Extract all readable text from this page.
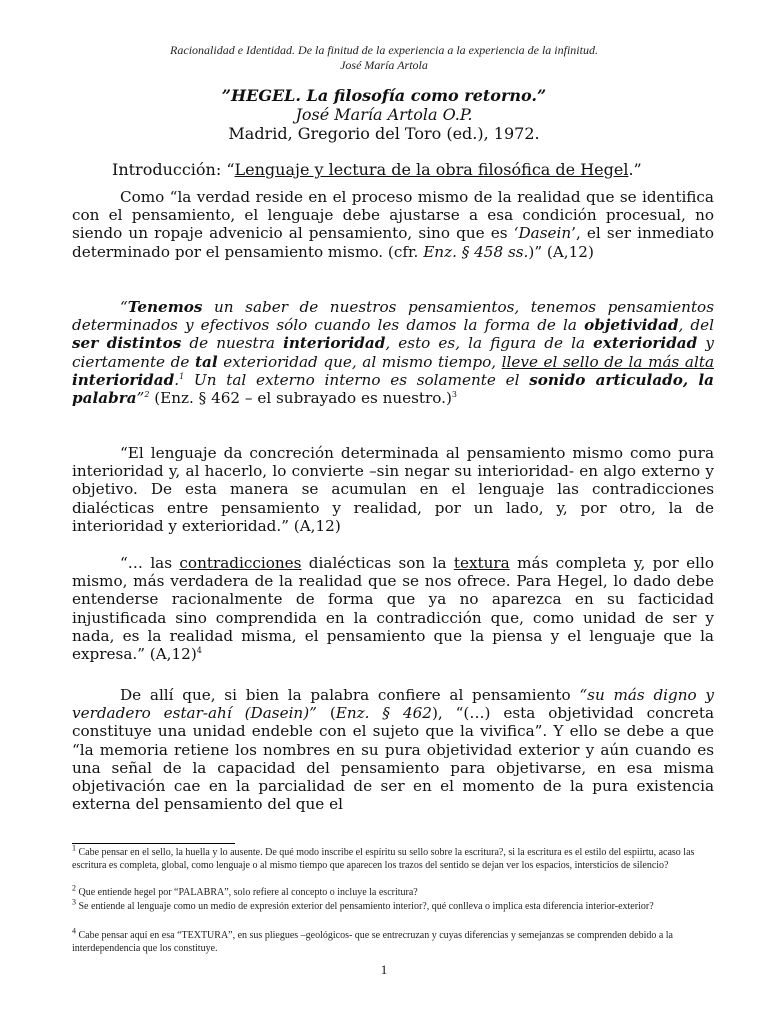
Racionalidad e Identidad. De la finitud de la experiencia a la experiencia de la infinitud.
José María Artola
”HEGEL. La filosofía como retorno.”
José María Artola O.P.
Madrid, Gregorio del Toro (ed.), 1972.
Introducción: “Lenguaje y lectura de la obra filosófica de Hegel.”

Como “la verdad reside en el proceso mismo de la realidad que se identifica con el pensamiento, el lenguaje debe ajustarse a esa condición procesual, no siendo un ropaje advenicio al pensamiento, sino que es ‘Dasein’, el ser inmediato determinado por el pensamiento mismo. (cfr. Enz. § 458 ss.)” (A,12)

“Tenemos un saber de nuestros pensamientos, tenemos pensamientos determinados y efectivos sólo cuando les damos la forma de la objetividad, del ser distintos de nuestra interioridad, esto es, la figura de la exterioridad y ciertamente de tal exterioridad que, al mismo tiempo, lleve el sello de la más alta interioridad.$^1$ Un tal externo interno es solamente el sonido articulado, la palabra”$^2$ (Enz. § 462 – el subrayado es nuestro.)$^3$

“El lenguaje da concreción determinada al pensamiento mismo como pura interioridad y, al hacerlo, lo convierte –sin negar su interioridad- en algo externo y objetivo. De esta manera se acumulan en el lenguaje las contradicciones dialécticas entre pensamiento y realidad, por un lado, y, por otro, la de interioridad y exterioridad.” (A,12)

“… las contradicciones dialécticas son la textura más completa y, por ello mismo, más verdadera de la realidad que se nos ofrece. Para Hegel, lo dado debe entenderse racionalmente de forma que ya no aparezca en su facticidad injustificada sino comprendida en la contradicción que, como unidad de ser y nada, es la realidad misma, el pensamiento que la piensa y el lenguaje que la expresa.” $(A,12)^4$

De allí que, si bien la palabra confiere al pensamiento “su más digno y verdadero estar-ahí (Dasein)” (Enz. § 462), “(…) esta objetividad concreta constituye una unidad endeble con el sujeto que la vivifica”. Y ello se debe a que “la memoria retiene los nombres en su pura objetividad exterior y aún cuando es una señal de la capacidad del pensamiento para objetivarse, en esa misma objetivación cae en la parcialidad de ser en el momento de la pura existencia externa del pensamiento del que el

$^1$ Cabe pensar en el sello, la huella y lo ausente. De qué modo inscribe el espíritu su sello sobre la escritura?, si la escritura es el estilo del espiirtu, acaso las escritura es completa, global, como lenguaje o al mismo tiempo que aparecen los trazos del sentido se dejan ver los espacios, intersticios de silencio?

$^2$ Que entiende hegel por “PALABRA”, solo refiere al concepto o incluye la escritura?

$^3$ Se entiende al lenguaje como un medio de expresión exterior del pensamiento interior?, qué conlleva o implica esta diferencia interior-exterior?

$^4$ Cabe pensar aquí en esa “TEXTURA”, en sus pliegues –geológicos- que se entrecruzan y cuyas diferencias y semejanzas se comprenden debido a la interdependencia que los constituye.

1
